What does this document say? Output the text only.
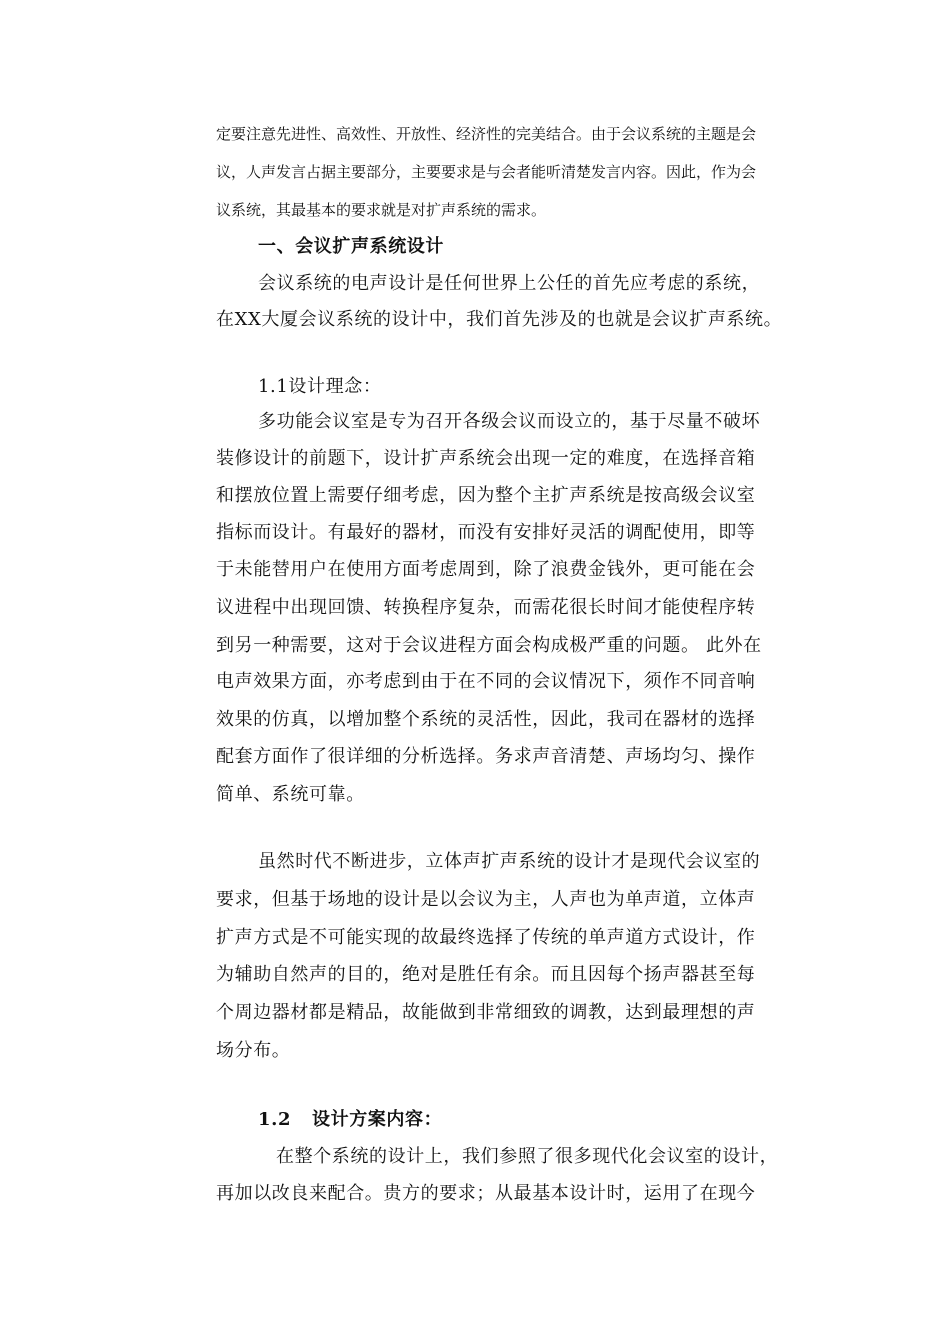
定要注意先进性、高效性、开放性、经济性的完美结合。由于会议系统的主题是会
议，人声发言占据主要部分，主要要求是与会者能听清楚发言内容。因此，作为会
议系统，其最基本的要求就是对扩声系统的需求。
一、会议扩声系统设计
会议系统的电声设计是任何世界上公任的首先应考虑的系统，
在XX大厦会议系统的设计中，我们首先涉及的也就是会议扩声系统。
1.1设计理念：
多功能会议室是专为召开各级会议而设立的，基于尽量不破坏
装修设计的前题下，设计扩声系统会出现一定的难度，在选择音箱
和摆放位置上需要仔细考虑，因为整个主扩声系统是按高级会议室
指标而设计。有最好的器材，而没有安排好灵活的调配使用，即等
于未能替用户在使用方面考虑周到，除了浪费金钱外，更可能在会
议进程中出现回馈、转换程序复杂，而需花很长时间才能使程序转
到另一种需要，这对于会议进程方面会构成极严重的问题。 此外在
电声效果方面，亦考虑到由于在不同的会议情况下，须作不同音响
效果的仿真，以增加整个系统的灵活性，因此，我司在器材的选择
配套方面作了很详细的分析选择。务求声音清楚、声场均匀、操作
简单、系统可靠。
虽然时代不断进步，立体声扩声系统的设计才是现代会议室的
要求，但基于场地的设计是以会议为主，人声也为单声道，立体声
扩声方式是不可能实现的故最终选择了传统的单声道方式设计，作
为辅助自然声的目的，绝对是胜任有余。而且因每个扬声器甚至每
个周边器材都是精品，故能做到非常细致的调教，达到最理想的声
场分布。
1.2 设计方案内容：
在整个系统的设计上，我们参照了很多现代化会议室的设计，
再加以改良来配合。贵方的要求；从最基本设计时，运用了在现今
